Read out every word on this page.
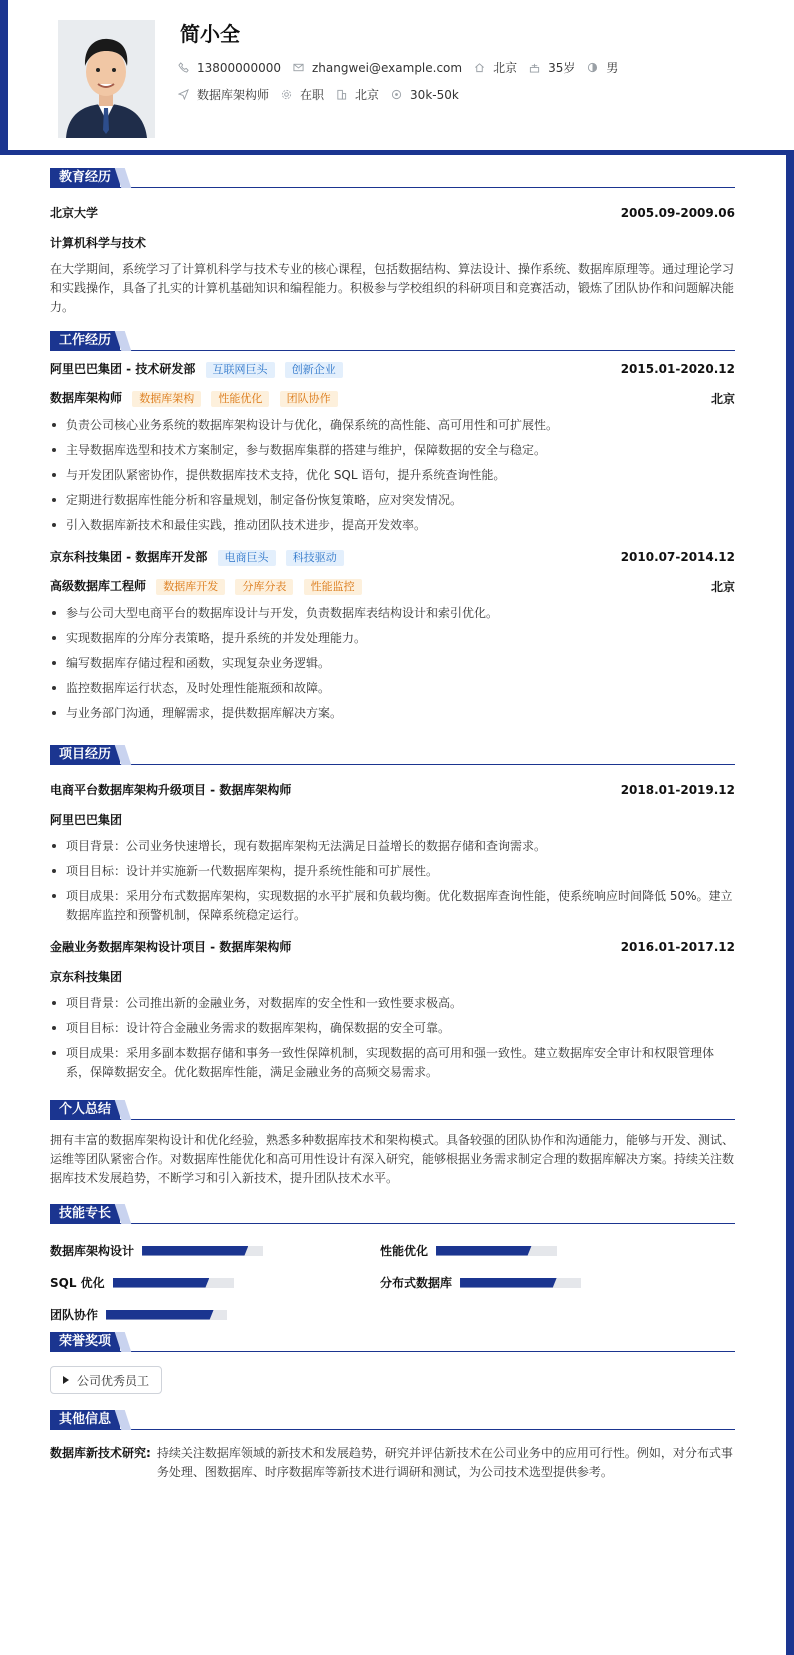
简小全
13800000000	zhangwei@example.com	北京	35岁	男
数据库架构师	在职	北京	30k-50k
教育经历
北京大学	2005.09-2009.06
计算机科学与技术
在大学期间，系统学习了计算机科学与技术专业的核心课程，包括数据结构、算法设计、操作系统、数据库原理等。通过理论学习和实践操作，具备了扎实的计算机基础知识和编程能力。积极参与学校组织的科研项目和竞赛活动，锻炼了团队协作和问题解决能力。
工作经历
阿里巴巴集团 - 技术研发部 互联网巨头 创新企业	2015.01-2020.12
数据库架构师 数据库架构 性能优化 团队协作	北京
负责公司核心业务系统的数据库架构设计与优化，确保系统的高性能、高可用性和可扩展性。
主导数据库选型和技术方案制定，参与数据库集群的搭建与维护，保障数据的安全与稳定。
与开发团队紧密协作，提供数据库技术支持，优化 SQL 语句，提升系统查询性能。
定期进行数据库性能分析和容量规划，制定备份恢复策略，应对突发情况。
引入数据库新技术和最佳实践，推动团队技术进步，提高开发效率。
京东科技集团 - 数据库开发部 电商巨头 科技驱动	2010.07-2014.12
高级数据库工程师 数据库开发 分库分表 性能监控	北京
参与公司大型电商平台的数据库设计与开发，负责数据库表结构设计和索引优化。
实现数据库的分库分表策略，提升系统的并发处理能力。
编写数据库存储过程和函数，实现复杂业务逻辑。
监控数据库运行状态，及时处理性能瓶颈和故障。
与业务部门沟通，理解需求，提供数据库解决方案。
项目经历
电商平台数据库架构升级项目 - 数据库架构师	2018.01-2019.12
阿里巴巴集团
项目背景：公司业务快速增长，现有数据库架构无法满足日益增长的数据存储和查询需求。
项目目标：设计并实施新一代数据库架构，提升系统性能和可扩展性。
项目成果：采用分布式数据库架构，实现数据的水平扩展和负载均衡。优化数据库查询性能，使系统响应时间降低 50%。建立数据库监控和预警机制，保障系统稳定运行。
金融业务数据库架构设计项目 - 数据库架构师	2016.01-2017.12
京东科技集团
项目背景：公司推出新的金融业务，对数据库的安全性和一致性要求极高。
项目目标：设计符合金融业务需求的数据库架构，确保数据的安全可靠。
项目成果：采用多副本数据存储和事务一致性保障机制，实现数据的高可用和强一致性。建立数据库安全审计和权限管理体系，保障数据安全。优化数据库性能，满足金融业务的高频交易需求。
个人总结
拥有丰富的数据库架构设计和优化经验，熟悉多种数据库技术和架构模式。具备较强的团队协作和沟通能力，能够与开发、测试、运维等团队紧密合作。对数据库性能优化和高可用性设计有深入研究，能够根据业务需求制定合理的数据库解决方案。持续关注数据库技术发展趋势，不断学习和引入新技术，提升团队技术水平。
技能专长
数据库架构设计	性能优化
SQL 优化	分布式数据库
团队协作
荣誉奖项
公司优秀员工
其他信息
数据库新技术研究: 持续关注数据库领域的新技术和发展趋势，研究并评估新技术在公司业务中的应用可行性。例如，对分布式事务处理、图数据库、时序数据库等新技术进行调研和测试，为公司技术选型提供参考。
